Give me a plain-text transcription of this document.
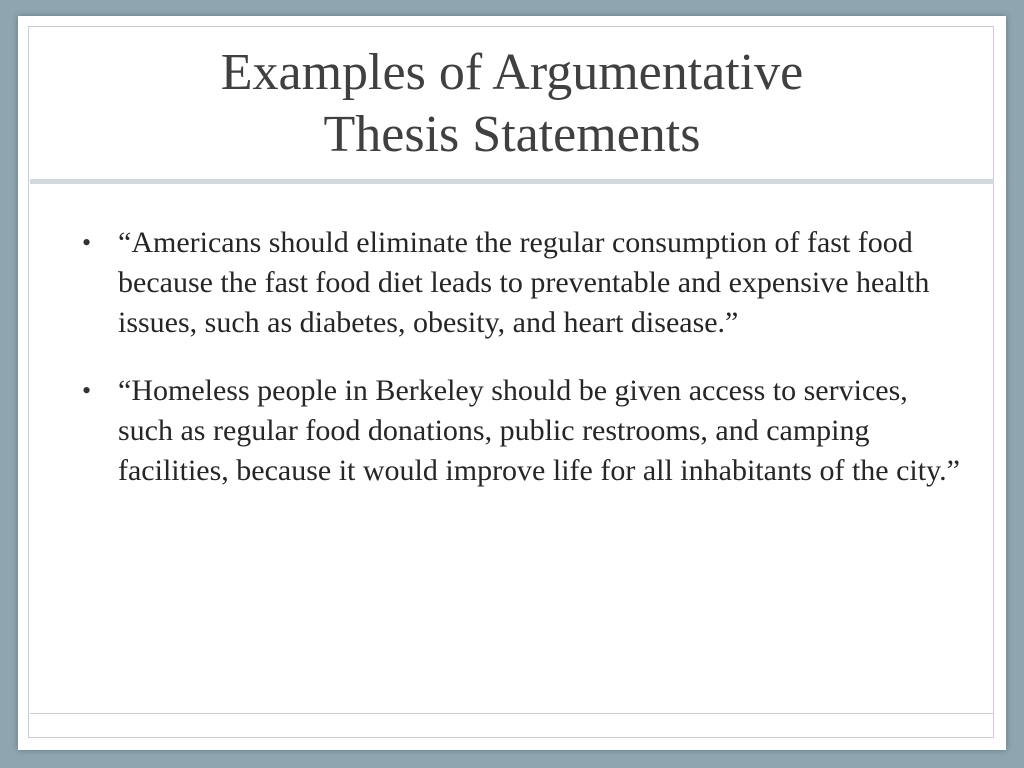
Examples of Argumentative
Thesis Statements
• “Americans should eliminate the regular consumption of fast food because the fast food diet leads to preventable and expensive health issues, such as diabetes, obesity, and heart disease.”
• “Homeless people in Berkeley should be given access to services, such as regular food donations, public restrooms, and camping facilities, because it would improve life for all inhabitants of the city.”
